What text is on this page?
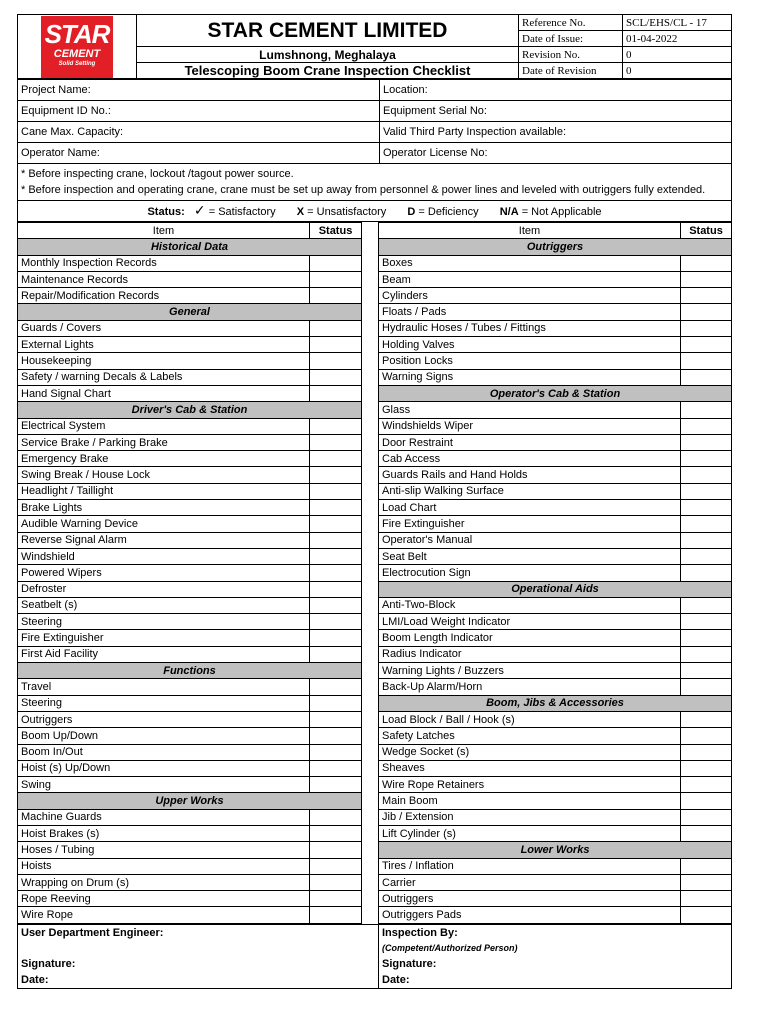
STAR
CEMENT
Solid Setting	STAR CEMENT LIMITED	Reference No.	SCL/EHS/CL - 17
		Date of Issue:	01-04-2022
	Lumshnong, Meghalaya	Revision No.	0
	Telescoping Boom Crane Inspection Checklist	Date of Revision	0
Project Name:	Location:
Equipment ID No.:	Equipment Serial No:
Cane Max. Capacity:	Valid Third Party Inspection available:
Operator Name:	Operator License No:

* Before inspecting crane, lockout /tagout power source.
* Before inspection and operating crane, crane must be set up away from personnel & power lines and leveled with outriggers fully extended.	

Status: ✓ = Satisfactory X = Unsatisfactory D = Deficiency N/A = Not Applicable	
Item	Status		Item	Status
Historical Data			Outriggers	
Monthly Inspection Records			Boxes	
Maintenance Records			Beam	
Repair/Modification Records			Cylinders	
General			Floats / Pads	
Guards / Covers			Hydraulic Hoses / Tubes / Fittings	
External Lights			Holding Valves	
Housekeeping			Position Locks	
Safety / warning Decals & Labels			Warning Signs	
Hand Signal Chart			Operator's Cab & Station	
Driver's Cab & Station			Glass	
Electrical System			Windshields Wiper	
Service Brake / Parking Brake			Door Restraint	
Emergency Brake			Cab Access	
Swing Break / House Lock			Guards Rails and Hand Holds	
Headlight / Taillight			Anti-slip Walking Surface	
Brake Lights			Load Chart	
Audible Warning Device			Fire Extinguisher	
Reverse Signal Alarm			Operator's Manual	
Windshield			Seat Belt	
Powered Wipers			Electrocution Sign	
Defroster			Operational Aids	
Seatbelt (s)			Anti-Two-Block	
Steering			LMI/Load Weight Indicator	
Fire Extinguisher			Boom Length Indicator	
First Aid Facility			Radius Indicator	
Functions			Warning Lights / Buzzers	
Travel			Back-Up Alarm/Horn	
Steering			Boom, Jibs & Accessories	
Outriggers			Load Block / Ball / Hook (s)	
Boom Up/Down			Safety Latches	
Boom In/Out			Wedge Socket (s)	
Hoist (s) Up/Down			Sheaves	
Swing			Wire Rope Retainers	
Upper Works			Main Boom	
Machine Guards			Jib / Extension	
Hoist Brakes (s)			Lift Cylinder (s)	
Hoses / Tubing			Lower Works	
Hoists			Tires / Inflation	
Wrapping on Drum (s)			Carrier	
Rope Reeving			Outriggers	
Wire Rope			Outriggers Pads	
User Department Engineer:	Inspection By:
	(Competent/Authorized Person)
Signature:	Signature:
Date:	Date:
